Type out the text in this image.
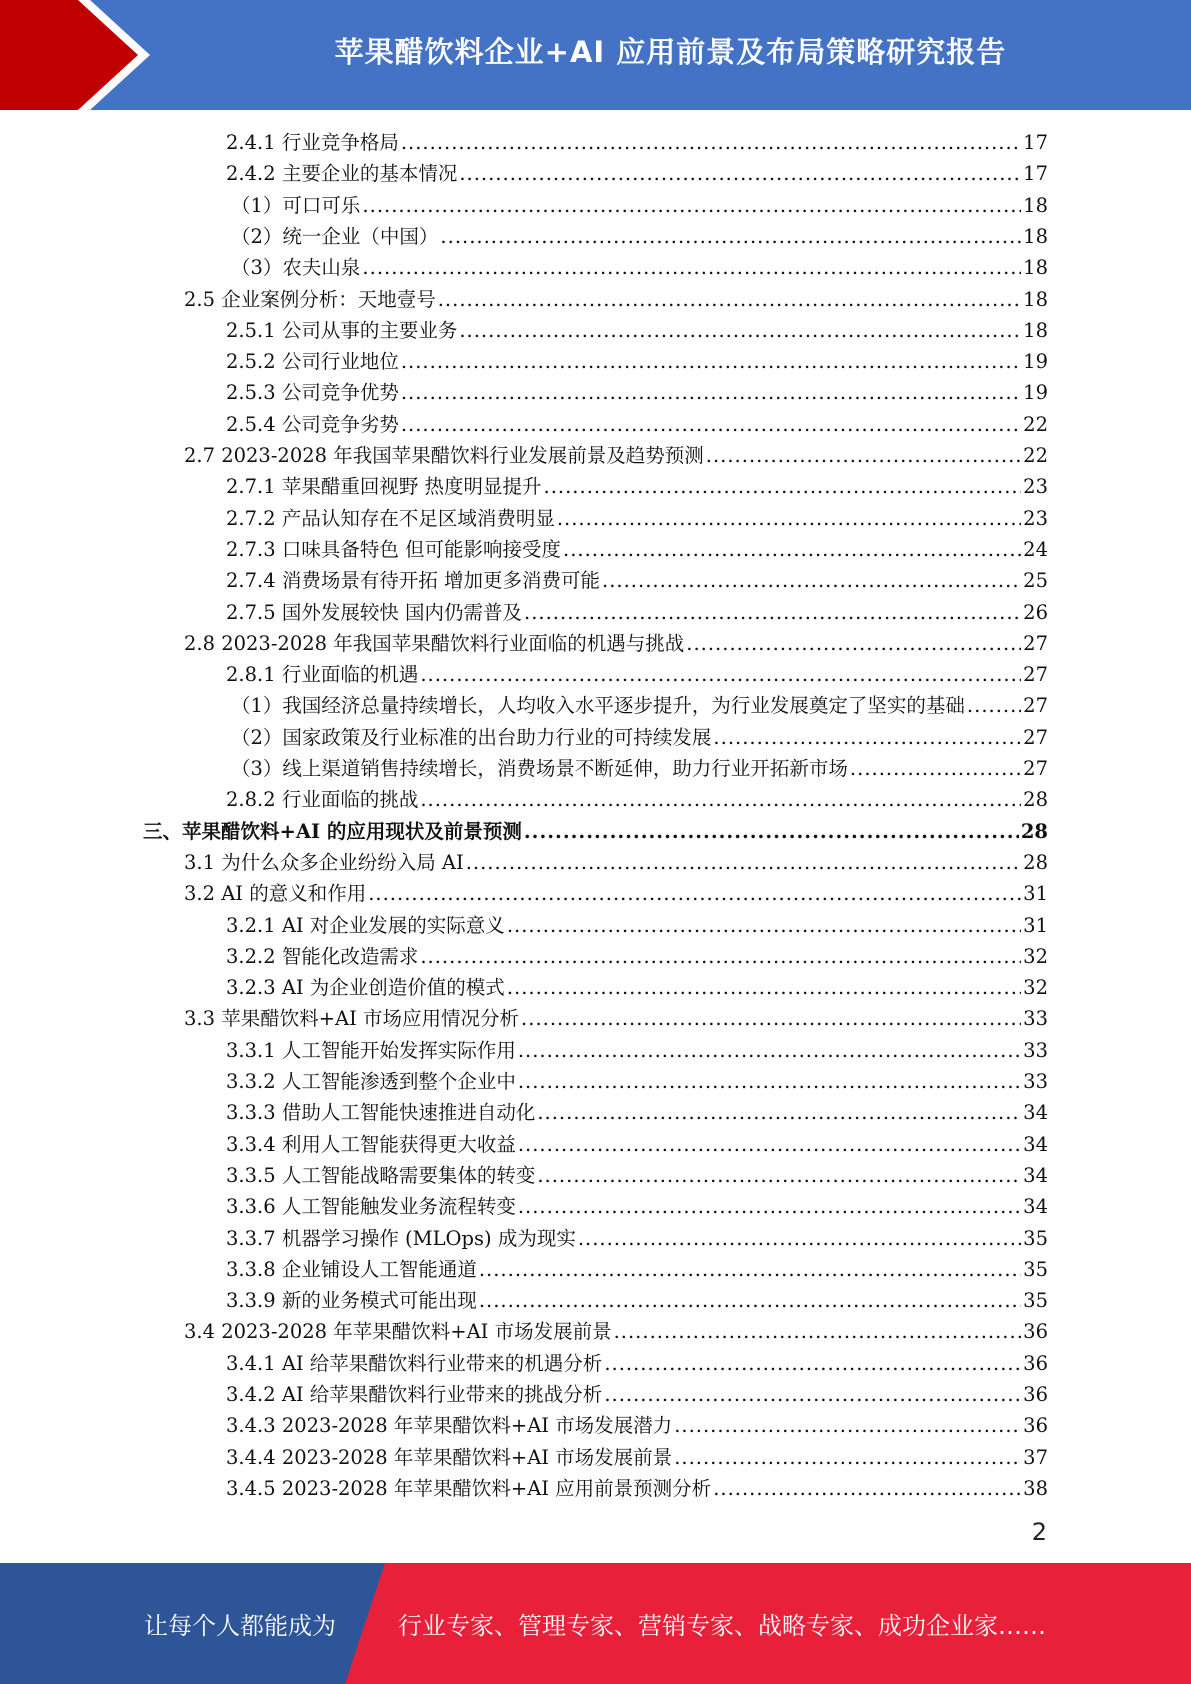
苹果醋饮料企业+AI 应用前景及布局策略研究报告
2.4.1 行业竞争格局 .....	17
2.4.2 主要企业的基本情况 .....	17
（1）可口可乐 .....	18
（2）统一企业（中国） .....	18
（3）农夫山泉 .....	18
2.5 企业案例分析：天地壹号 .....	18
2.5.1 公司从事的主要业务 .....	18
2.5.2 公司行业地位 .....	19
2.5.3 公司竞争优势 .....	19
2.5.4 公司竞争劣势 .....	22
2.7 2023-2028 年我国苹果醋饮料行业发展前景及趋势预测 .....	22
2.7.1 苹果醋重回视野 热度明显提升 .....	23
2.7.2 产品认知存在不足区域消费明显 .....	23
2.7.3 口味具备特色 但可能影响接受度 .....	24
2.7.4 消费场景有待开拓 增加更多消费可能 .....	25
2.7.5 国外发展较快 国内仍需普及 .....	26
2.8 2023-2028 年我国苹果醋饮料行业面临的机遇与挑战 .....	27
2.8.1 行业面临的机遇 .....	27
（1）我国经济总量持续增长，人均收入水平逐步提升，为行业发展奠定了坚实的基础 .....	27
（2）国家政策及行业标准的出台助力行业的可持续发展 .....	27
（3）线上渠道销售持续增长，消费场景不断延伸，助力行业开拓新市场 .....	27
2.8.2 行业面临的挑战 .....	28
三、苹果醋饮料+AI 的应用现状及前景预测 .....	28
3.1 为什么众多企业纷纷入局 AI .....	28
3.2 AI 的意义和作用 .....	31
3.2.1 AI 对企业发展的实际意义 .....	31
3.2.2 智能化改造需求 .....	32
3.2.3 AI 为企业创造价值的模式 .....	32
3.3 苹果醋饮料+AI 市场应用情况分析 .....	33
3.3.1 人工智能开始发挥实际作用 .....	33
3.3.2 人工智能渗透到整个企业中 .....	33
3.3.3 借助人工智能快速推进自动化 .....	34
3.3.4 利用人工智能获得更大收益 .....	34
3.3.5 人工智能战略需要集体的转变 .....	34
3.3.6 人工智能触发业务流程转变 .....	34
3.3.7 机器学习操作 (MLOps) 成为现实 .....	35
3.3.8 企业铺设人工智能通道 .....	35
3.3.9 新的业务模式可能出现 .....	35
3.4 2023-2028 年苹果醋饮料+AI 市场发展前景 .....	36
3.4.1 AI 给苹果醋饮料行业带来的机遇分析 .....	36
3.4.2 AI 给苹果醋饮料行业带来的挑战分析 .....	36
3.4.3 2023-2028 年苹果醋饮料+AI 市场发展潜力 .....	36
3.4.4 2023-2028 年苹果醋饮料+AI 市场发展前景 .....	37
3.4.5 2023-2028 年苹果醋饮料+AI 应用前景预测分析 .....	38
2
让每个人都能成为	行业专家、管理专家、营销专家、战略专家、成功企业家……
